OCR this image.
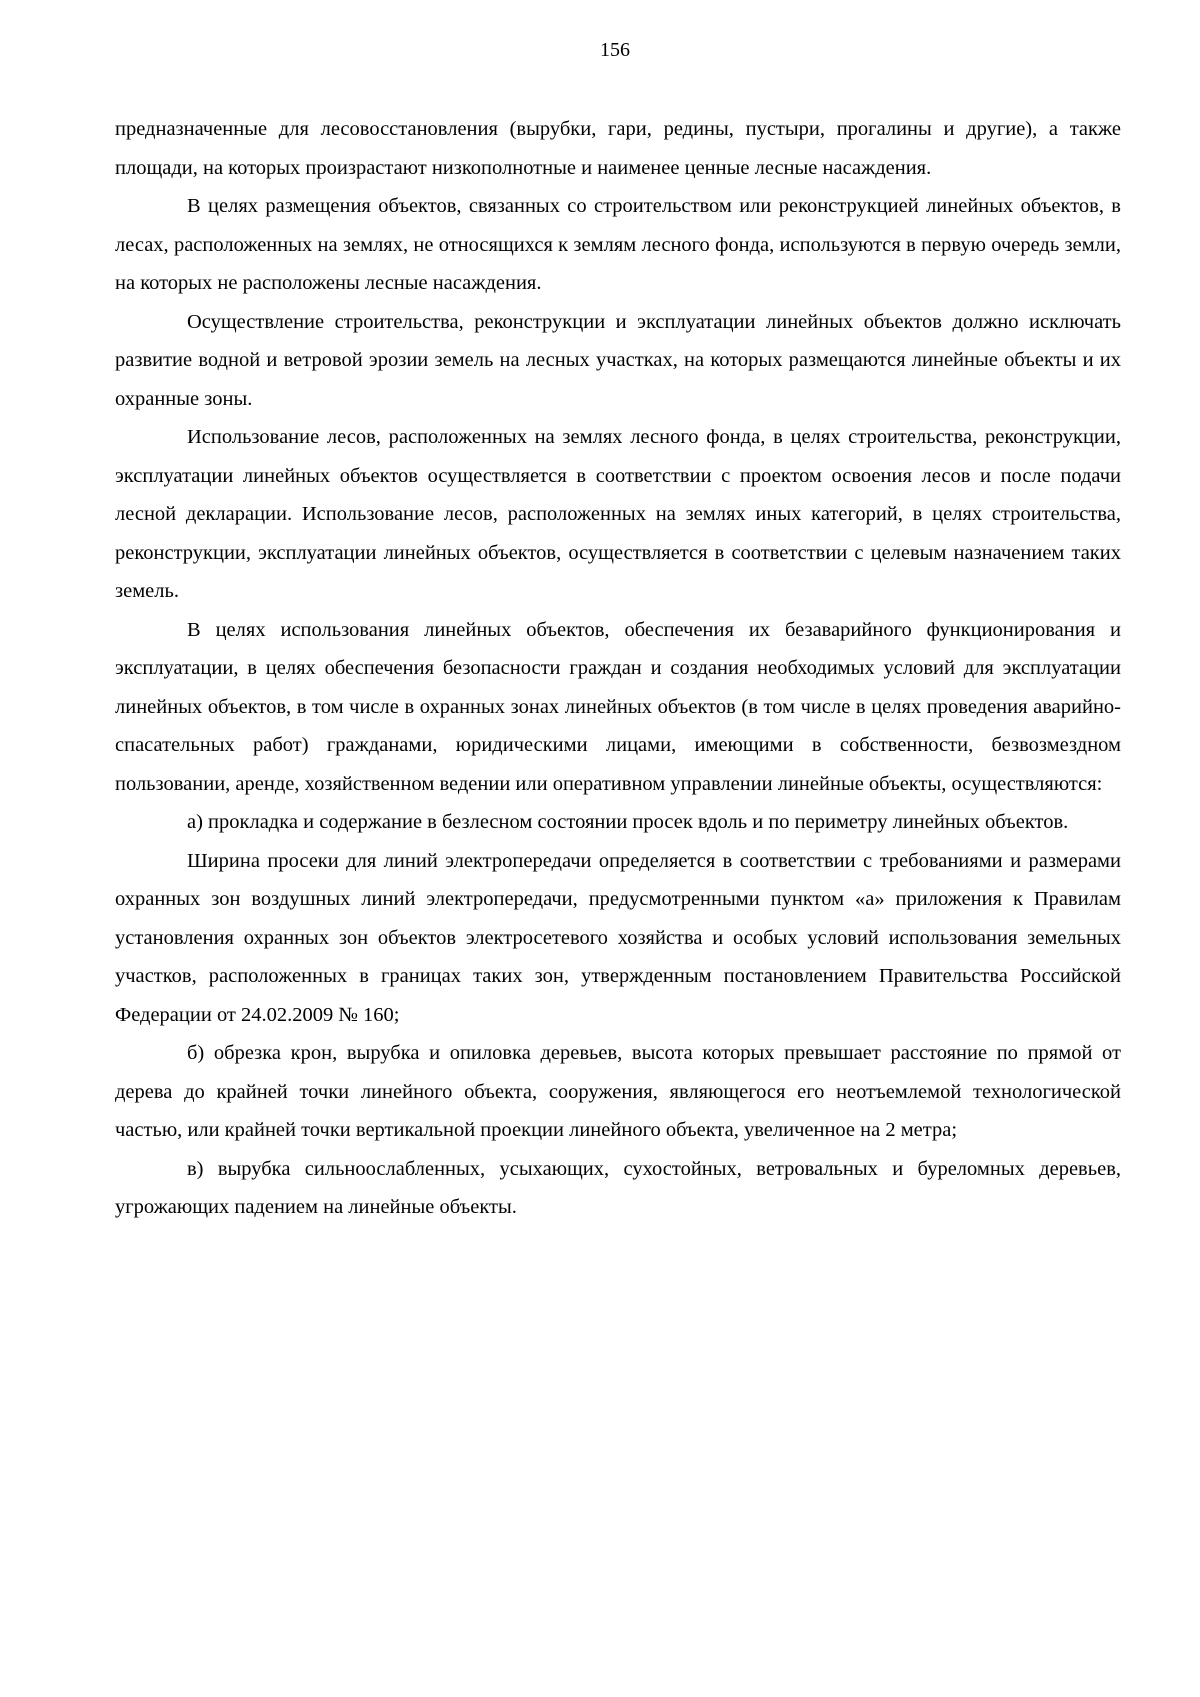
156

предназначенные для лесовосстановления (вырубки, гари, редины, пустыри, прогалины и другие), а также площади, на которых произрастают низкополнотные и наименее ценные лесные насаждения.

В целях размещения объектов, связанных со строительством или реконструкцией линейных объектов, в лесах, расположенных на землях, не относящихся к землям лесного фонда, используются в первую очередь земли, на которых не расположены лесные насаждения.

Осуществление строительства, реконструкции и эксплуатации линейных объектов должно исключать развитие водной и ветровой эрозии земель на лесных участках, на которых размещаются линейные объекты и их охранные зоны.

Использование лесов, расположенных на землях лесного фонда, в целях строительства, реконструкции, эксплуатации линейных объектов осуществляется в соответствии с проектом освоения лесов и после подачи лесной декларации. Использование лесов, расположенных на землях иных категорий, в целях строительства, реконструкции, эксплуатации линейных объектов, осуществляется в соответствии с целевым назначением таких земель.

В целях использования линейных объектов, обеспечения их безаварийного функционирования и эксплуатации, в целях обеспечения безопасности граждан и создания необходимых условий для эксплуатации линейных объектов, в том числе в охранных зонах линейных объектов (в том числе в целях проведения аварийно-спасательных работ) гражданами, юридическими лицами, имеющими в собственности, безвозмездном пользовании, аренде, хозяйственном ведении или оперативном управлении линейные объекты, осуществляются:

а) прокладка и содержание в безлесном состоянии просек вдоль и по периметру линейных объектов.

Ширина просеки для линий электропередачи определяется в соответствии с требованиями и размерами охранных зон воздушных линий электропередачи, предусмотренными пунктом «а» приложения к Правилам установления охранных зон объектов электросетевого хозяйства и особых условий использования земельных участков, расположенных в границах таких зон, утвержденным постановлением Правительства Российской Федерации от 24.02.2009 № 160;

б) обрезка крон, вырубка и опиловка деревьев, высота которых превышает расстояние по прямой от дерева до крайней точки линейного объекта, сооружения, являющегося его неотъемлемой технологической частью, или крайней точки вертикальной проекции линейного объекта, увеличенное на 2 метра;

в) вырубка сильноослабленных, усыхающих, сухостойных, ветровальных и буреломных деревьев, угрожающих падением на линейные объекты.
